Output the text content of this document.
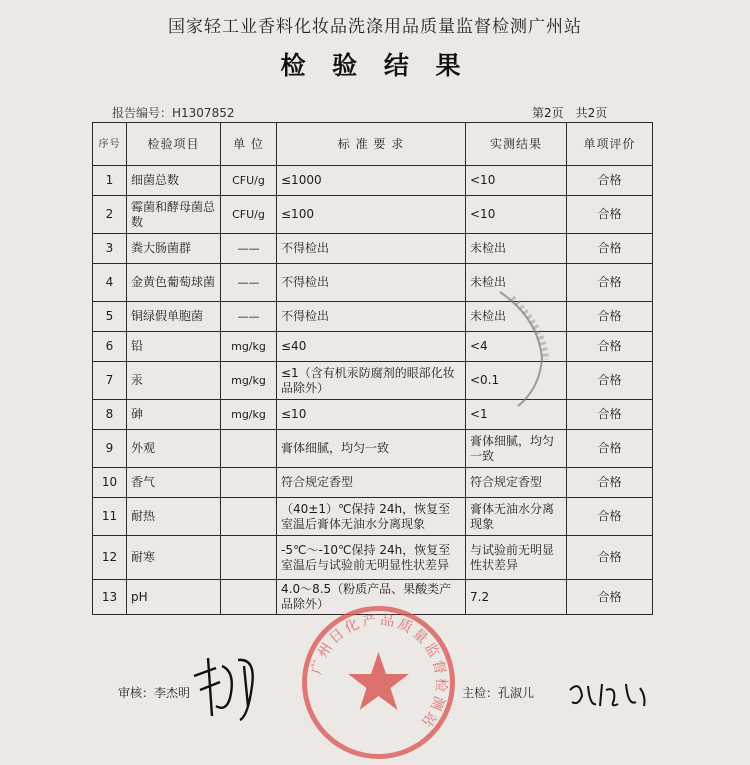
国家轻工业香料化妆品洗涤用品质量监督检测广州站
检 验 结 果
报告编号：H1307852	第2页　共2页
序号	检验项目	单 位	标 准 要 求	实测结果	单项评价
1	细菌总数	CFU/g	≤1000	<10	合格
2	霉菌和酵母菌总数	CFU/g	≤100	<10	合格
3	粪大肠菌群	——	不得检出	未检出	合格
4	金黄色葡萄球菌	——	不得检出	未检出	合格
5	铜绿假单胞菌	——	不得检出	未检出	合格
6	铅	mg/kg	≤40	<4	合格
7	汞	mg/kg	≤1（含有机汞防腐剂的眼部化妆品除外）	<0.1	合格
8	砷	mg/kg	≤10	<1	合格
9	外观		膏体细腻，均匀一致	膏体细腻，均匀一致	合格
10	香气		符合规定香型	符合规定香型	合格
11	耐热		（40±1）℃保持 24h，恢复至室温后膏体无油水分离现象	膏体无油水分离现象	合格
12	耐寒		-5℃～-10℃保持 24h，恢复至室温后与试验前无明显性状差异	与试验前无明显性状差异	合格
13	pH		4.0～8.5（粉质产品、果酸类产品除外）	7.2	合格
审核：李杰明	主检：孔淑儿
广州日化产品质量监督检测站
